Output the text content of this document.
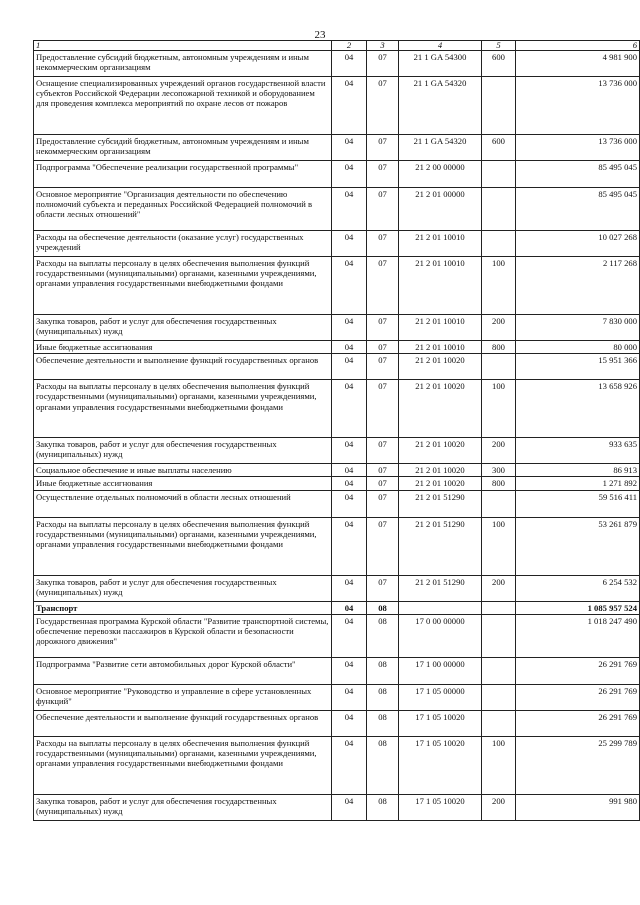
23
1	2	3	4	5	6
Предоставление субсидий бюджетным, автономным учреждениям и иным некоммерческим организациям	04	07	21 1 GA 54300	600	4 981 900
Оснащение специализированных учреждений органов государственной власти субъектов Российской Федерации лесопожарной техникой и оборудованием для проведения комплекса мероприятий по охране лесов от пожаров	04	07	21 1 GA 54320		13 736 000
Предоставление субсидий бюджетным, автономным учреждениям и иным некоммерческим организациям	04	07	21 1 GA 54320	600	13 736 000
Подпрограмма "Обеспечение реализации государственной программы"	04	07	21 2 00 00000		85 495 045
Основное мероприятие "Организация деятельности по обеспечению полномочий субъекта и переданных Российской Федерацией полномочий в области лесных отношений"	04	07	21 2 01 00000		85 495 045
Расходы на обеспечение деятельности (оказание услуг) государственных учреждений	04	07	21 2 01 10010		10 027 268
Расходы на выплаты персоналу в целях обеспечения выполнения функций государственными (муниципальными) органами, казенными учреждениями, органами управления государственными внебюджетными фондами	04	07	21 2 01 10010	100	2 117 268
Закупка товаров, работ и услуг для обеспечения государственных (муниципальных) нужд	04	07	21 2 01 10010	200	7 830 000
Иные бюджетные ассигнования	04	07	21 2 01 10010	800	80 000
Обеспечение деятельности и выполнение функций государственных органов	04	07	21 2 01 10020		15 951 366
Расходы на выплаты персоналу в целях обеспечения выполнения функций государственными (муниципальными) органами, казенными учреждениями, органами управления государственными внебюджетными фондами	04	07	21 2 01 10020	100	13 658 926
Закупка товаров, работ и услуг для обеспечения государственных (муниципальных) нужд	04	07	21 2 01 10020	200	933 635
Социальное обеспечение и иные выплаты населению	04	07	21 2 01 10020	300	86 913
Иные бюджетные ассигнования	04	07	21 2 01 10020	800	1 271 892
Осуществление отдельных полномочий в области лесных отношений	04	07	21 2 01 51290		59 516 411
Расходы на выплаты персоналу в целях обеспечения выполнения функций государственными (муниципальными) органами, казенными учреждениями, органами управления государственными внебюджетными фондами	04	07	21 2 01 51290	100	53 261 879
Закупка товаров, работ и услуг для обеспечения государственных (муниципальных) нужд	04	07	21 2 01 51290	200	6 254 532
Транспорт	04	08			1 085 957 524
Государственная программа Курской области "Развитие транспортной системы, обеспечение перевозки пассажиров в Курской области и безопасности дорожного движения"	04	08	17 0 00 00000		1 018 247 490
Подпрограмма "Развитие сети автомобильных дорог Курской области"	04	08	17 1 00 00000		26 291 769
Основное мероприятие "Руководство и управление в сфере установленных функций"	04	08	17 1 05 00000		26 291 769
Обеспечение деятельности и выполнение функций государственных органов	04	08	17 1 05 10020		26 291 769
Расходы на выплаты персоналу в целях обеспечения выполнения функций государственными (муниципальными) органами, казенными учреждениями, органами управления государственными внебюджетными фондами	04	08	17 1 05 10020	100	25 299 789
Закупка товаров, работ и услуг для обеспечения государственных (муниципальных) нужд	04	08	17 1 05 10020	200	991 980
